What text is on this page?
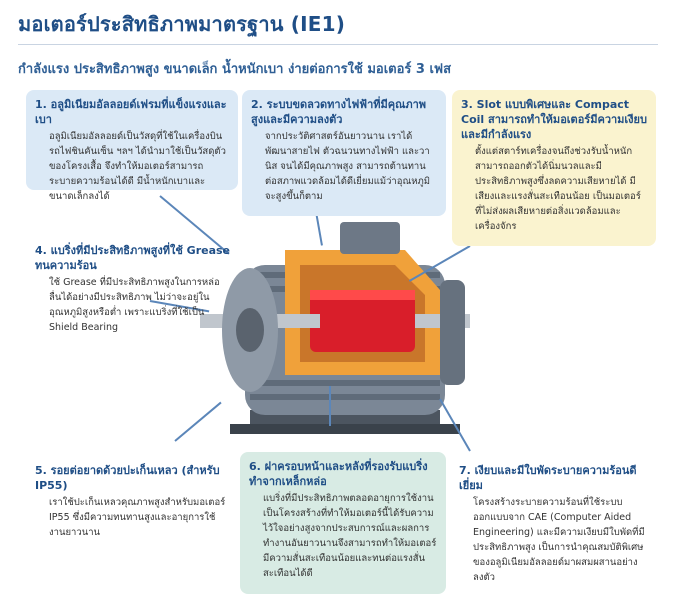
มอเตอร์ประสิทธิภาพมาตรฐาน (IE1)
กำลังแรง ประสิทธิภาพสูง ขนาดเล็ก น้ำหนักเบา ง่ายต่อการใช้ มอเตอร์ 3 เฟส
1. อลูมิเนียมอัลลอยด์เฟรมที่แข็งแรงและเบา
อลูมิเนียมอัลลอยด์เป็นวัสดุที่ใช้ในเครื่องบิน รถไฟชินคันเซ็น ฯลฯ ได้นำมาใช้เป็นวัสดุตัวของโครงเสื้อ จึงทำให้มอเตอร์สามารถระบายความร้อนได้ดี มีน้ำหนักเบาและขนาดเล็กลงได้
2. ระบบขดลวดทางไฟฟ้าที่มีคุณภาพสูงและมีความลงตัว
จากประวัติศาสตร์อันยาวนาน เราได้พัฒนาสายไฟ ตัวฉนวนทางไฟฟ้า และวานิส จนได้มีคุณภาพสูง สามารถต้านทานต่อสภาพแวดล้อมได้ดีเยี่ยมแม้ว่าอุณหภูมิจะสูงขึ้นก็ตาม
3. Slot แบบพิเศษและ Compact Coil สามารถทำให้มอเตอร์มีความเงียบและมีกำลังแรง
ตั้งแต่สตาร์ทเครื่องจนถึงช่วงรับน้ำหนักสามารถออกตัวได้นิ่มนวลและมีประสิทธิภาพสูงซึ่งลดความเสียหายได้ มีเสียงและแรงสั่นสะเทือนน้อย เป็นมอเตอร์ที่ไม่ส่งผลเสียหายต่อสิ่งแวดล้อมและเครื่องจักร
4. แบริ่งที่มีประสิทธิภาพสูงที่ใช้ Grease ทนความร้อน
ใช้ Grease ที่มีประสิทธิภาพสูงในการหล่อลื่นได้อย่างมีประสิทธิภาพ ไม่ว่าจะอยู่ในอุณหภูมิสูงหรือต่ำ เพราะแบริ่งที่ใช้เป็น Shield Bearing
5. รอยต่อยาดด้วยปะเก็นเหลว (สำหรับ IP55)
เราใช้ปะเก็นเหลวคุณภาพสูงสำหรับมอเตอร์ IP55 ซึ่งมีความทนทานสูงและอายุการใช้งานยาวนาน
6. ฝาครอบหน้าและหลังที่รองรับแบริ่งทำจากเหล็กหล่อ
แบริ่งที่มีประสิทธิภาพตลอดอายุการใช้งานเป็นโครงสร้างที่ทำให้มอเตอร์นี้ได้รับความไว้ใจอย่างสูงจากประสบการณ์และผลการทำงานอันยาวนานจึงสามารถทำให้มอเตอร์มีความสั่นสะเทือนน้อยและทนต่อแรงสั่นสะเทือนได้ดี
7. เงียบและมีใบพัดระบายความร้อนดีเยี่ยม
โครงสร้างระบายความร้อนที่ใช้ระบบออกแบบจาก CAE (Computer Aided Engineering) และมีความเงียบมีใบพัดที่มีประสิทธิภาพสูง เป็นการนำคุณสมบัติพิเศษของอลูมิเนียมอัลลอยด์มาผสมผสานอย่างลงตัว
